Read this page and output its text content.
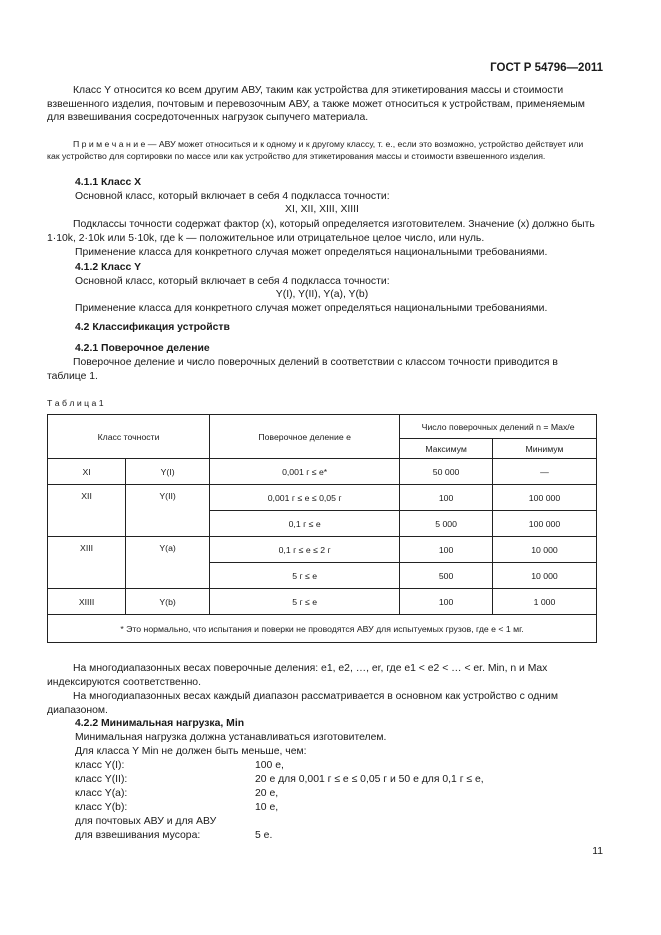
ГОСТ Р 54796—2011

Класс Y относится ко всем другим АВУ, таким как устройства для этикетирования массы и стоимости взвешенного изделия, почтовым и перевозочным АВУ, а также может относиться к устройствам, применяемым для взвешивания сосредоточенных нагрузок сыпучего материала.

П р и м е ч а н и е — АВУ может относиться и к одному и к другому классу, т. е., если это возможно, устройство действует или как устройство для сортировки по массе или как устройство для этикетирования массы и стоимости взвешенного изделия.

4.1.1 Класс X
Основной класс, который включает в себя 4 подкласса точности:
XI, XII, XIII, XIIII

Подклассы точности содержат фактор (x), который определяется изготовителем. Значение (x) должно быть 1·10k, 2·10k или 5·10k, где k — положительное или отрицательное целое число, или нуль.

Применение класса для конкретного случая может определяться национальными требованиями.
4.1.2 Класс Y
Основной класс, который включает в себя 4 подкласса точности:
Y(I), Y(II), Y(a), Y(b)
Применение класса для конкретного случая может определяться национальными требованиями.
4.2 Классификация устройств
4.2.1 Поверочное деление

Поверочное деление и число поверочных делений в соответствии с классом точности приводится в таблице 1.

Т а б л и ц а 1
Класс точности		Поверочное деление e	Число поверочных делений n = Max/e	
			Максимум	Минимум
XI	Y(I)	0,001 г ≤ e*	50 000	—
XII	Y(II)	0,001 г ≤ e ≤ 0,05 г	100	100 000
		0,1 г ≤ e	5 000	100 000
XIII	Y(a)	0,1 г ≤ e ≤ 2 г	100	10 000
		5 г ≤ e	500	10 000
XIIII	Y(b)	5 г ≤ e	100	1 000
* Это нормально, что испытания и поверки не проводятся АВУ для испытуемых грузов, где e < 1 мг.				

На многодиапазонных весах поверочные деления: e1, e2, …, er, где e1 < e2 < … < er. Min, n и Max индексируются соответственно.

На многодиапазонных весах каждый диапазон рассматривается в основном как устройство с одним диапазоном.

4.2.2 Минимальная нагрузка, Min
Минимальная нагрузка должна устанавливаться изготовителем.
Для класса Y Min не должен быть меньше, чем:
класс Y(I):	100 e,
класс Y(II):	20 e для 0,001 г ≤ e ≤ 0,05 г и 50 e для 0,1 г ≤ e,
класс Y(a):	20 e,
класс Y(b):	10 e,
для почтовых АВУ и для АВУ
для взвешивания мусора:	5 e.
11
